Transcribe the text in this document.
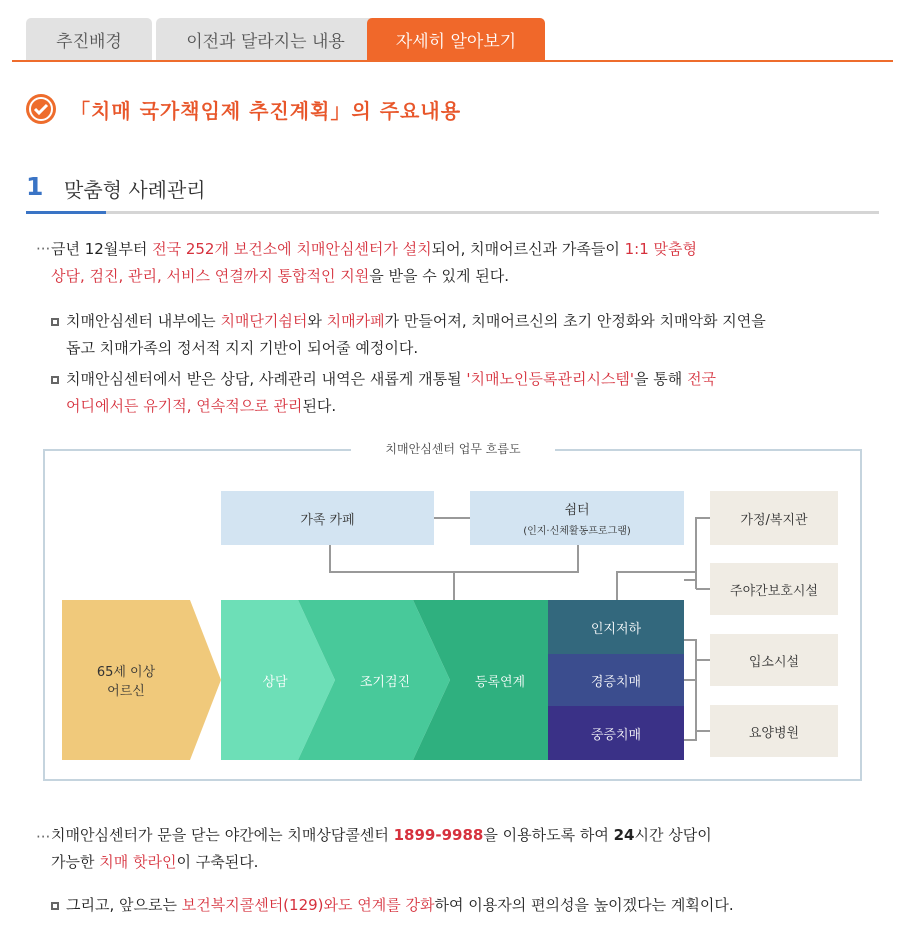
추진배경	이전과 달라지는 내용	자세히 알아보기
「치매 국가책임제 추진계획」의 주요내용
1 맞춤형 사례관리
··· 금년 12월부터 전국 252개 보건소에 치매안심센터가 설치되어, 치매어르신과 가족들이 1:1 맞춤형
상담, 검진, 관리, 서비스 연결까지 통합적인 지원을 받을 수 있게 된다.
치매안심센터 내부에는 치매단기쉼터와 치매카페가 만들어져, 치매어르신의 초기 안정화와 치매악화 지연을
돕고 치매가족의 정서적 지지 기반이 되어줄 예정이다.
치매안심센터에서 받은 상담, 사례관리 내역은 새롭게 개통될 '치매노인등록관리시스템'을 통해 전국
어디에서든 유기적, 연속적으로 관리된다.
치매안심센터 업무 흐름도
가족 카페
쉼터
(인지·신체활동프로그램)
65세 이상
어르신
상담	조기검진	등록연계
인지저하
경증치매
중증치매
가정/복지관
주야간보호시설
입소시설
요양병원
··· 치매안심센터가 문을 닫는 야간에는 치매상담콜센터 1899-9988을 이용하도록 하여 24시간 상담이
가능한 치매 핫라인이 구축된다.
그리고, 앞으로는 보건복지콜센터(129)와도 연계를 강화하여 이용자의 편의성을 높이겠다는 계획이다.
